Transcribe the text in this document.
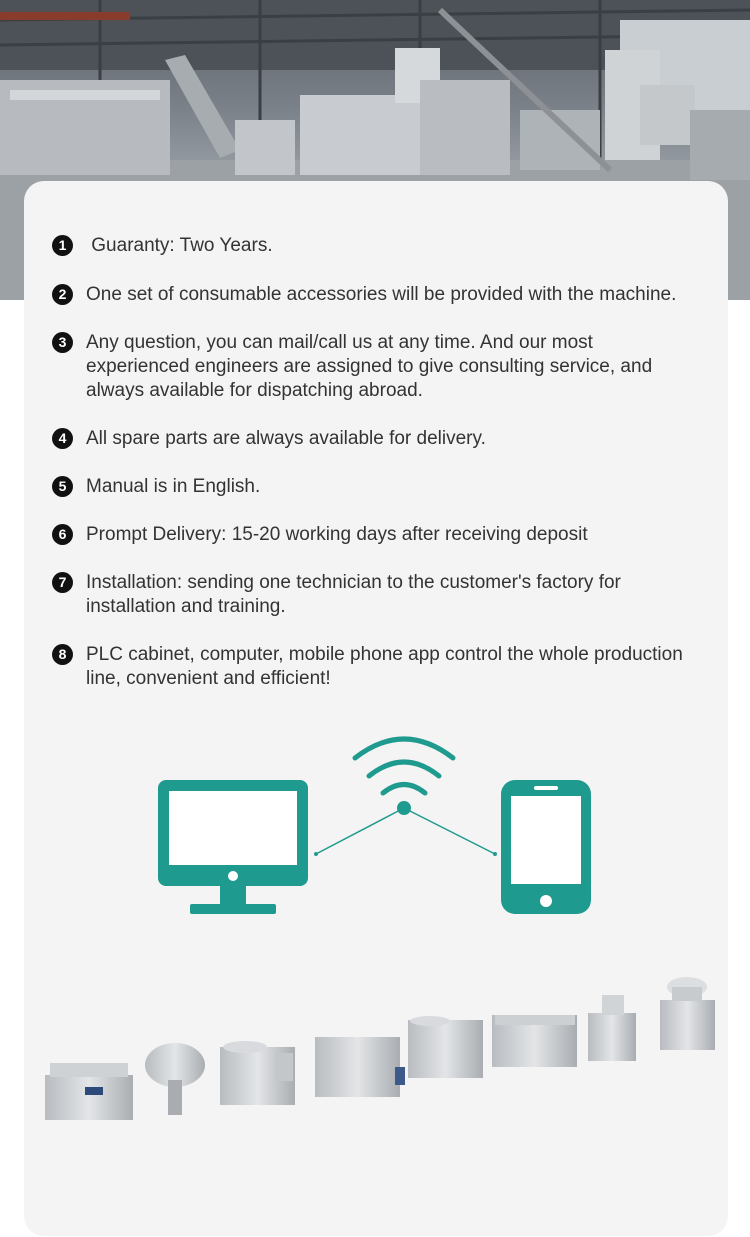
1	Guaranty: Two Years.
2	One set of consumable accessories will be provided with the machine.
3	Any question, you can mail/call us at any time. And our most experienced engineers are assigned to give consulting service, and always available for dispatching abroad.
4	All spare parts are always available for delivery.
5	Manual is in English.
6	Prompt Delivery: 15-20 working days after receiving deposit
7	Installation: sending one technician to the customer's factory for installation and training.
8	PLC cabinet, computer, mobile phone app control the whole production line, convenient and efficient!
